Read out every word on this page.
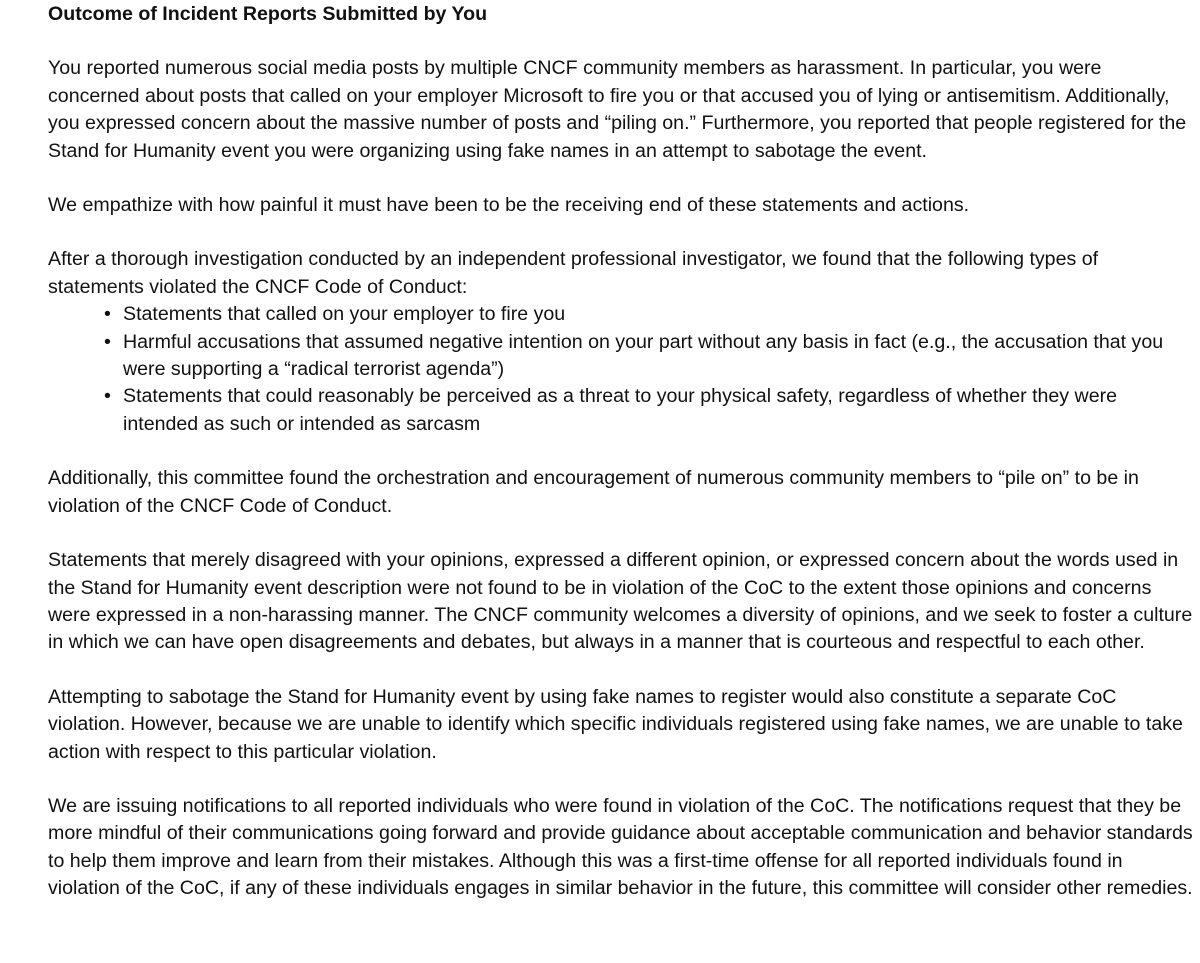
Outcome of Incident Reports Submitted by You

You reported numerous social media posts by multiple CNCF community members as harassment. In particular, you were concerned about posts that called on your employer Microsoft to fire you or that accused you of lying or antisemitism. Additionally, you expressed concern about the massive number of posts and “piling on.” Furthermore, you reported that people registered for the Stand for Humanity event you were organizing using fake names in an attempt to sabotage the event.

We empathize with how painful it must have been to be the receiving end of these statements and actions.

After a thorough investigation conducted by an independent professional investigator, we found that the following types of statements violated the CNCF Code of Conduct:

• Statements that called on your employer to fire you
• Harmful accusations that assumed negative intention on your part without any basis in fact (e.g., the accusation that you were supporting a “radical terrorist agenda”)
• Statements that could reasonably be perceived as a threat to your physical safety, regardless of whether they were intended as such or intended as sarcasm

Additionally, this committee found the orchestration and encouragement of numerous community members to “pile on” to be in violation of the CNCF Code of Conduct.

Statements that merely disagreed with your opinions, expressed a different opinion, or expressed concern about the words used in the Stand for Humanity event description were not found to be in violation of the CoC to the extent those opinions and concerns were expressed in a non-harassing manner. The CNCF community welcomes a diversity of opinions, and we seek to foster a culture in which we can have open disagreements and debates, but always in a manner that is courteous and respectful to each other.

Attempting to sabotage the Stand for Humanity event by using fake names to register would also constitute a separate CoC violation. However, because we are unable to identify which specific individuals registered using fake names, we are unable to take action with respect to this particular violation.

We are issuing notifications to all reported individuals who were found in violation of the CoC. The notifications request that they be more mindful of their communications going forward and provide guidance about acceptable communication and behavior standards to help them improve and learn from their mistakes. Although this was a first-time offense for all reported individuals found in violation of the CoC, if any of these individuals engages in similar behavior in the future, this committee will consider other remedies.
